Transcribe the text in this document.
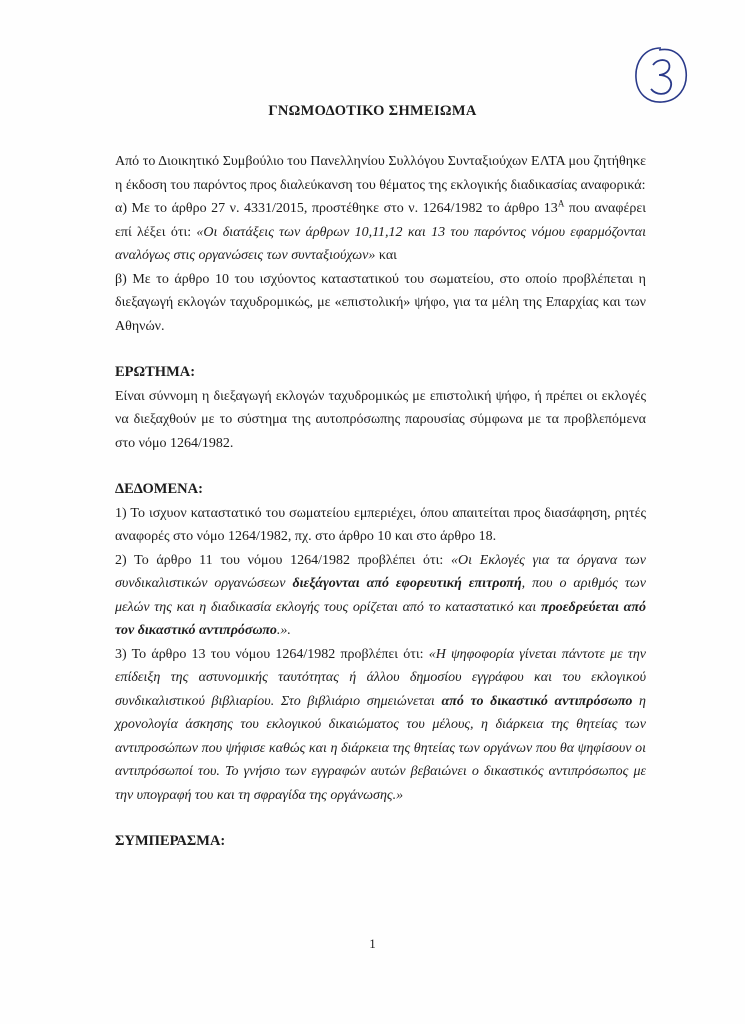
ΓΝΩΜΟΔΟΤΙΚΟ ΣΗΜΕΙΩΜΑ

Από το Διοικητικό Συμβούλιο του Πανελληνίου Συλλόγου Συνταξιούχων ΕΛΤΑ μου ζητήθηκε η έκδοση του παρόντος προς διαλεύκανση του θέματος της εκλογικής διαδικασίας αναφορικά:

α) Με το άρθρο 27 ν. 4331/2015, προστέθηκε στο ν. 1264/1982 το άρθρο $13^A$ που αναφέρει επί λέξει ότι: «Οι διατάξεις των άρθρων 10,11,12 και 13 του παρόντος νόμου εφαρμόζονται αναλόγως στις οργανώσεις των συνταξιούχων» και

β) Με το άρθρο 10 του ισχύοντος καταστατικού του σωματείου, στο οποίο προβλέπεται η διεξαγωγή εκλογών ταχυδρομικώς, με «επιστολική» ψήφο, για τα μέλη της Επαρχίας και των Αθηνών.

ΕΡΩΤΗΜΑ:

Είναι σύννομη η διεξαγωγή εκλογών ταχυδρομικώς με επιστολική ψήφο, ή πρέπει οι εκλογές να διεξαχθούν με το σύστημα της αυτοπρόσωπης παρουσίας σύμφωνα με τα προβλεπόμενα στο νόμο 1264/1982.

ΔΕΔΟΜΕΝΑ:

1) Το ισχυον καταστατικό του σωματείου εμπεριέχει, όπου απαιτείται προς διασάφηση, ρητές αναφορές στο νόμο 1264/1982, πχ. στο άρθρο 10 και στο άρθρο 18.

2) Το άρθρο 11 του νόμου 1264/1982 προβλέπει ότι: «Οι Εκλογές για τα όργανα των συνδικαλιστικών οργανώσεων διεξάγονται από εφορευτική επιτροπή, που ο αριθμός των μελών της και η διαδικασία εκλογής τους ορίζεται από το καταστατικό και προεδρεύεται από τον δικαστικό αντιπρόσωπο.».

3) Το άρθρο 13 του νόμου 1264/1982 προβλέπει ότι: «Η ψηφοφορία γίνεται πάντοτε με την επίδειξη της αστυνομικής ταυτότητας ή άλλου δημοσίου εγγράφου και του εκλογικού συνδικαλιστικού βιβλιαρίου. Στο βιβλιάριο σημειώνεται από το δικαστικό αντιπρόσωπο η χρονολογία άσκησης του εκλογικού δικαιώματος του μέλους, η διάρκεια της θητείας των αντιπροσώπων που ψήφισε καθώς και η διάρκεια της θητείας των οργάνων που θα ψηφίσουν οι αντιπρόσωποί του. Το γνήσιο των εγγραφών αυτών βεβαιώνει ο δικαστικός αντιπρόσωπος με την υπογραφή του και τη σφραγίδα της οργάνωσης.»

ΣΥΜΠΕΡΑΣΜΑ:

1
